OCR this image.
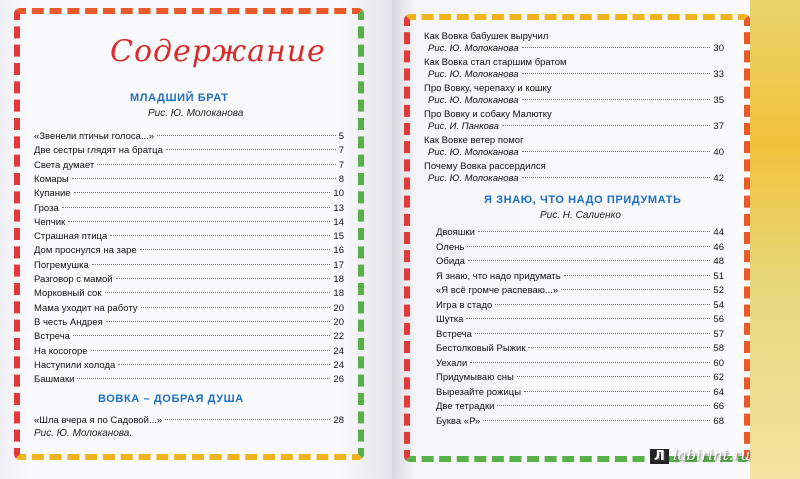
Содержание
МЛАДШИЙ БРАТ
Рис. Ю. Молоканова
«Звенели птичьи голоса...»	5
Две сестры глядят на братца	7
Света думает	7
Комары	8
Купание	10
Гроза	13
Чепчик	14
Страшная птица	15
Дом проснулся на заре	16
Погремушка	17
Разговор с мамой	18
Морковный сок	18
Мама уходит на работу	20
В честь Андрея	20
Встреча	22
На косогоре	24
Наступили холода	24
Башмаки	26
ВОВКА – ДОБРАЯ ДУША
«Шла вчера я по Садовой...»	28
Рис. Ю. Молоканова.
Как Вовка бабушек выручил
Рис. Ю. Молоканова	30
Как Вовка стал старшим братом
Рис. Ю. Молоканова	33
Про Вовку, черепаху и кошку
Рис. Ю. Молоканова	35
Про Вовку и собаку Малютку
Рис. И. Панкова	37
Как Вовке ветер помог
Рис. Ю. Молоканова	40
Почему Вовка рассердился
Рис. Ю. Молоканова	42
Я ЗНАЮ, ЧТО НАДО ПРИДУМАТЬ
Рис. Н. Салиенко
Двояшки	44
Олень	46
Обида	48
Я знаю, что надо придумать	51
«Я всё громче распеваю...»	52
Игра в стадо	54
Шутка	56
Встреча	57
Бестолковый Рыжик	58
Уехали	60
Придумываю сны	62
Вырезайте рожицы	64
Две тетрадки	66
Буква «Р»	68
Л labirint.ru
